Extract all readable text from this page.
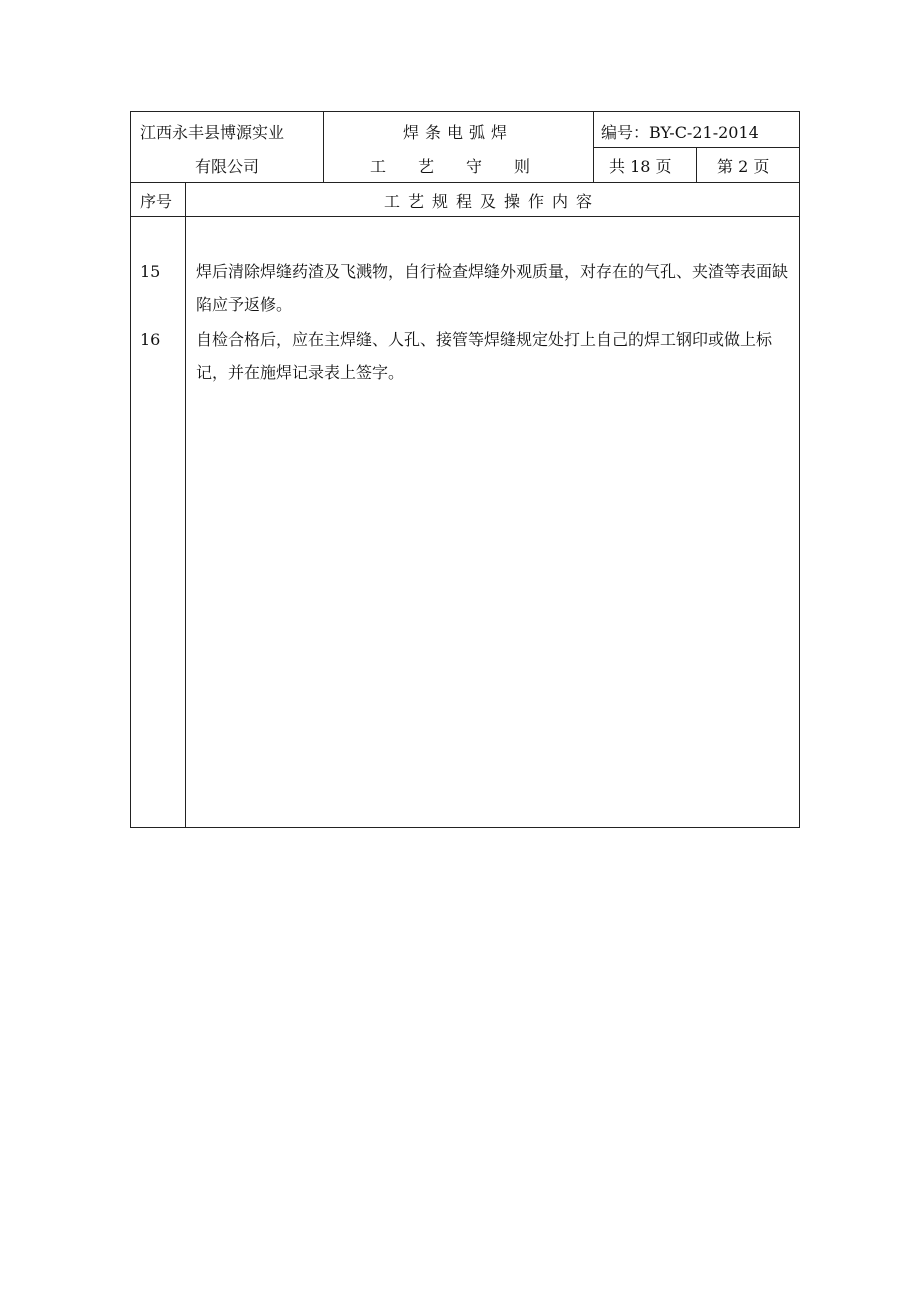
江西永丰县博源实业
有限公司
焊条电弧焊
工艺守则
编号：BY-C-21-2014
共 18 页	第 2 页
序号	工艺规程及操作内容
15 焊后清除焊缝药渣及飞溅物，自行检查焊缝外观质量，对存在的气孔、夹渣等表面缺陷应予返修。
16 自检合格后，应在主焊缝、人孔、接管等焊缝规定处打上自己的焊工钢印或做上标记，并在施焊记录表上签字。
